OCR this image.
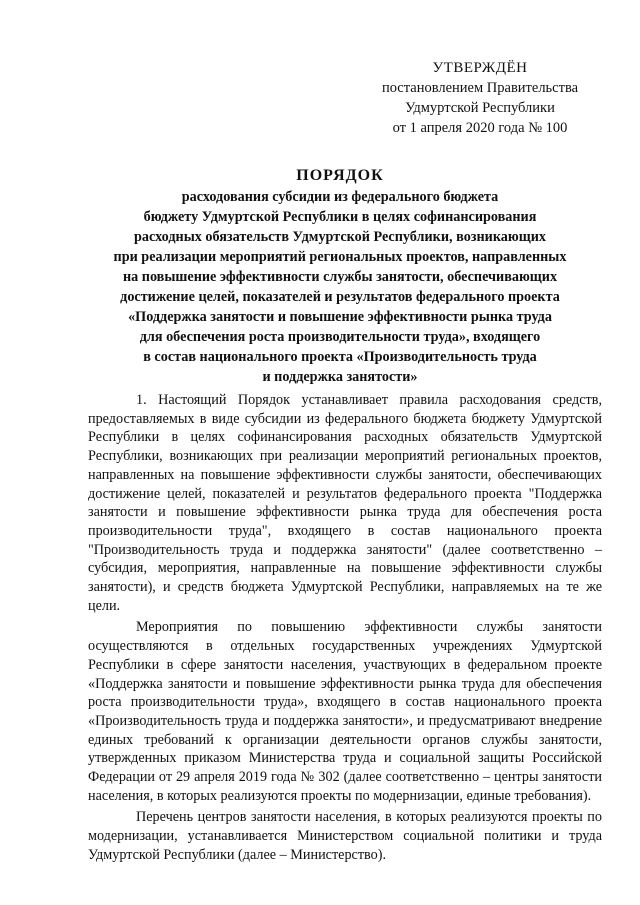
УТВЕРЖДЁН
постановлением Правительства
Удмуртской Республики
от 1 апреля 2020 года № 100
ПОРЯДОК
расходования субсидии из федерального бюджета
бюджету Удмуртской Республики в целях софинансирования
расходных обязательств Удмуртской Республики, возникающих
при реализации мероприятий региональных проектов, направленных
на повышение эффективности службы занятости, обеспечивающих
достижение целей, показателей и результатов федерального проекта
«Поддержка занятости и повышение эффективности рынка труда
для обеспечения роста производительности труда», входящего
в состав национального проекта «Производительность труда
и поддержка занятости»

1. Настоящий Порядок устанавливает правила расходования средств, предоставляемых в виде субсидии из федерального бюджета бюджету Удмуртской Республики в целях софинансирования расходных обязательств Удмуртской Республики, возникающих при реализации мероприятий региональных проектов, направленных на повышение эффективности службы занятости, обеспечивающих достижение целей, показателей и результатов федерального проекта "Поддержка занятости и повышение эффективности рынка труда для обеспечения роста производительности труда", входящего в состав национального проекта "Производительность труда и поддержка занятости" (далее соответственно – субсидия, мероприятия, направленные на повышение эффективности службы занятости), и средств бюджета Удмуртской Республики, направляемых на те же цели.

Мероприятия по повышению эффективности службы занятости осуществляются в отдельных государственных учреждениях Удмуртской Республики в сфере занятости населения, участвующих в федеральном проекте «Поддержка занятости и повышение эффективности рынка труда для обеспечения роста производительности труда», входящего в состав национального проекта «Производительность труда и поддержка занятости», и предусматривают внедрение единых требований к организации деятельности органов службы занятости, утвержденных приказом Министерства труда и социальной защиты Российской Федерации от 29 апреля 2019 года № 302 (далее соответственно – центры занятости населения, в которых реализуются проекты по модернизации, единые требования).

Перечень центров занятости населения, в которых реализуются проекты по модернизации, устанавливается Министерством социальной политики и труда Удмуртской Республики (далее – Министерство).
